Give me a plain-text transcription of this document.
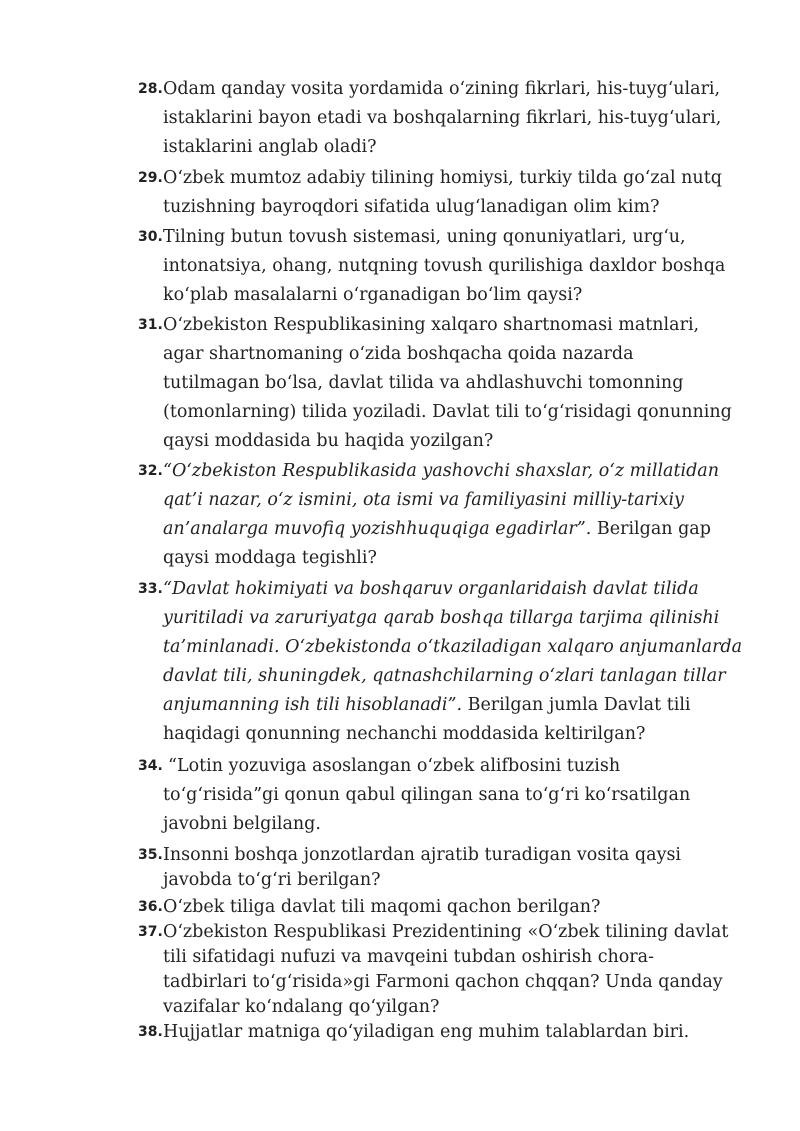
28. Odam qanday vosita yordamida o‘zining fikrlari, his-tuyg‘ulari,
istaklarini bayon etadi va boshqalarning fikrlari, his-tuyg‘ulari,
istaklarini anglab oladi?
29. O‘zbek mumtoz adabiy tilining homiysi, turkiy tilda go‘zal nutq
tuzishning bayroqdori sifatida ulug‘lanadigan olim kim?
30. Tilning butun tovush sistemasi, uning qonuniyatlari, urg‘u,
intonatsiya, ohang, nutqning tovush qurilishiga daxldor boshqa
ko‘plab masalalarni o‘rganadigan bo‘lim qaysi?
31. O‘zbekiston Respublikasining xalqaro shartnomasi matnlari,
agar shartnomaning o‘zida boshqacha qoida nazarda
tutilmagan bo‘lsa, davlat tilida va ahdlashuvchi tomonning
(tomonlarning) tilida yoziladi. Davlat tili to‘g‘risidagi qonunning
qaysi moddasida bu haqida yozilgan?
32. “O‘zbekiston Respublikasida yashovchi shaxslar, o‘z millatidan
qat’i nazar, o‘z ismini, ota ismi va familiyasini milliy-tarixiy
an’analarga muvofiq yozishhuquqiga egadirlar”. Berilgan gap
qaysi moddaga tegishli?
33. “Davlat hokimiyati va boshqaruv organlaridaish davlat tilida
yuritiladi va zaruriyatga qarab boshqa tillarga tarjima qilinishi
ta’minlanadi. O‘zbekistonda o‘tkaziladigan xalqaro anjumanlarda
davlat tili, shuningdek, qatnashchilarning o‘zlari tanlagan tillar
anjumanning ish tili hisoblanadi”. Berilgan jumla Davlat tili
haqidagi qonunning nechanchi moddasida keltirilgan?
34. “Lotin yozuviga asoslangan o‘zbek alifbosini tuzish
to‘g‘risida”gi qonun qabul qilingan sana to‘g‘ri ko‘rsatilgan
javobni belgilang.
35. Insonni boshqa jonzotlardan ajratib turadigan vosita qaysi
javobda to‘g‘ri berilgan?
36. O‘zbek tiliga davlat tili maqomi qachon berilgan?
37. O‘zbekiston Respublikasi Prezidentining «O‘zbek tilining davlat
tili sifatidagi nufuzi va mavqeini tubdan oshirish chora-
tadbirlari to‘g‘risida»gi Farmoni qachon chqqan? Unda qanday
vazifalar ko‘ndalang qo‘yilgan?
38. Hujjatlar matniga qo‘yiladigan eng muhim talablardan biri.
